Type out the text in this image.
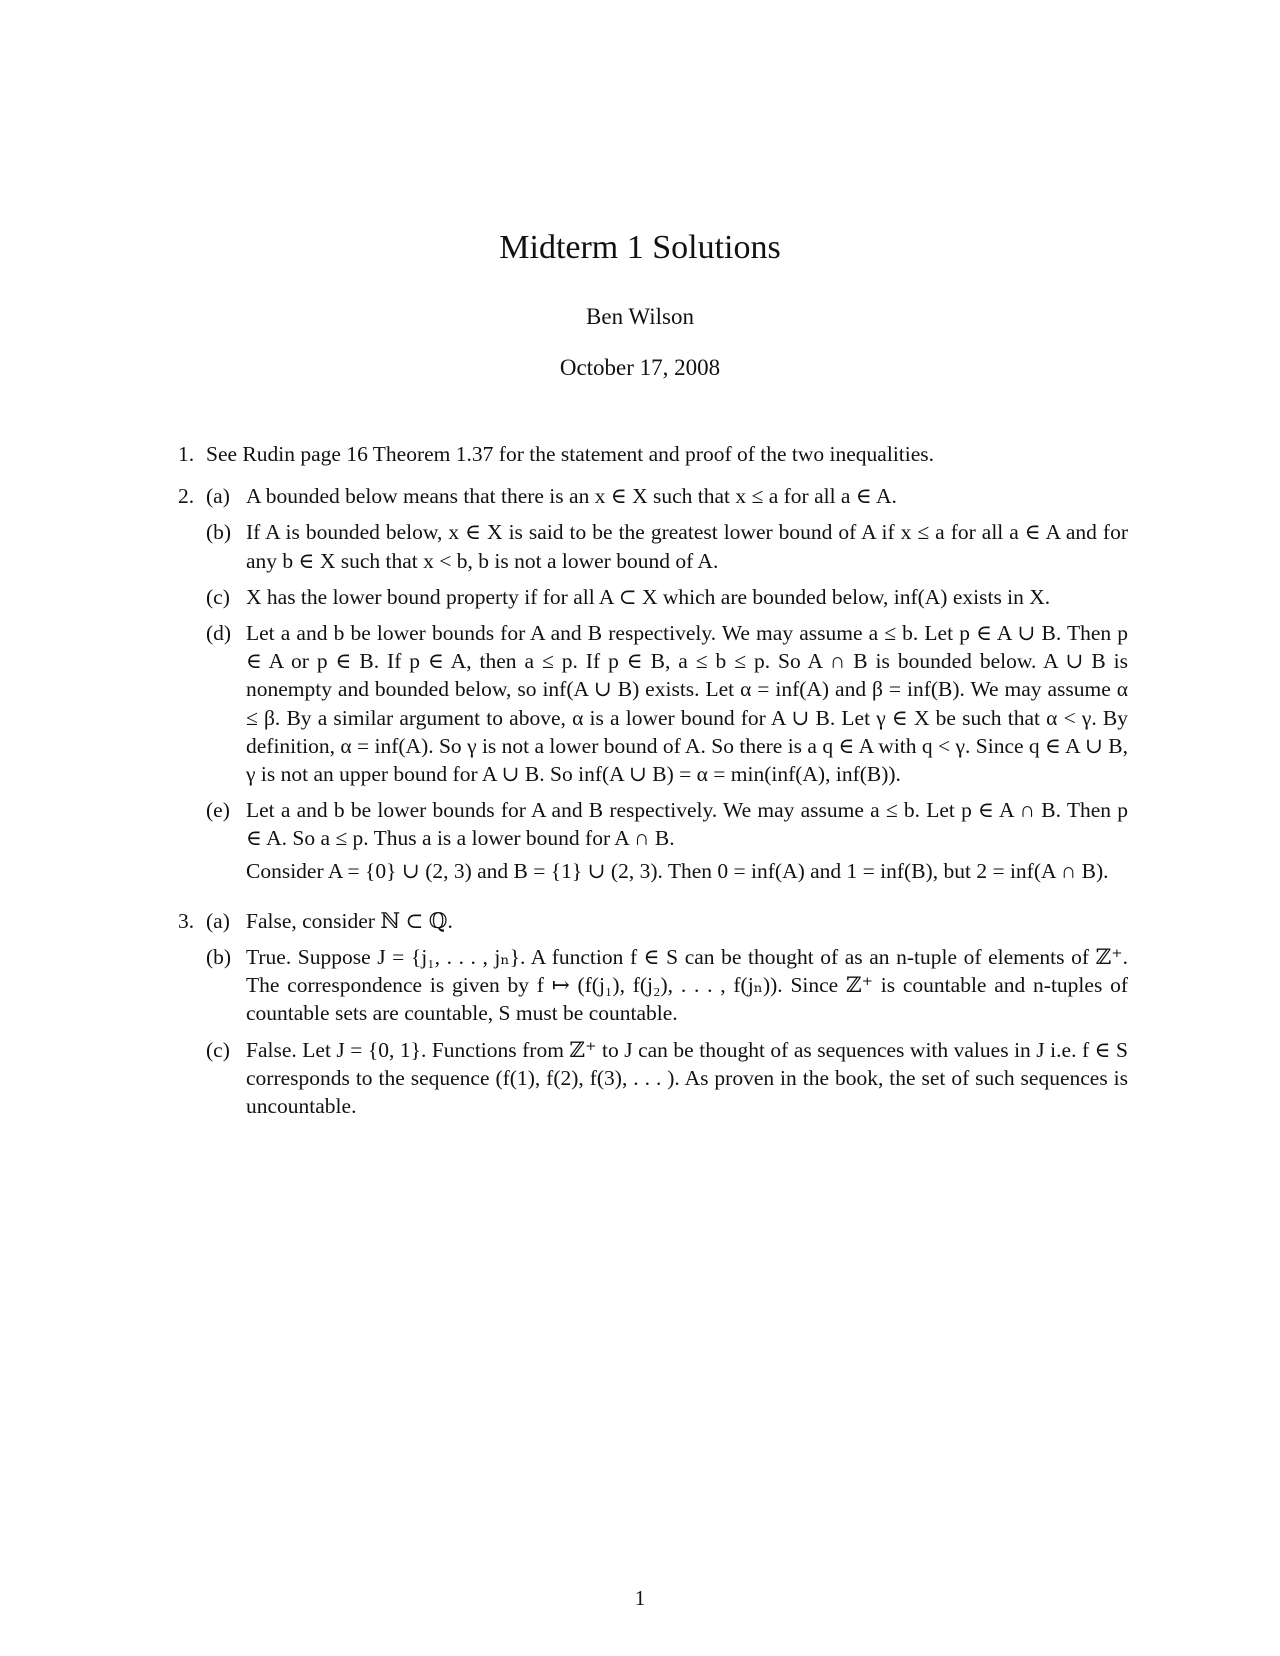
Midterm 1 Solutions
Ben Wilson
October 17, 2008
1. See Rudin page 16 Theorem 1.37 for the statement and proof of the two inequalities.
2. (a) A bounded below means that there is an x ∈ X such that x ≤ a for all a ∈ A.

(b) If A is bounded below, x ∈ X is said to be the greatest lower bound of A if x ≤ a for all a ∈ A and for any b ∈ X such that x < b, b is not a lower bound of A.

(c) X has the lower bound property if for all A ⊂ X which are bounded below, inf(A) exists in X.

(d) Let a and b be lower bounds for A and B respectively. We may assume a ≤ b. Let p ∈ A ∪ B. Then p ∈ A or p ∈ B. If p ∈ A, then a ≤ p. If p ∈ B, a ≤ b ≤ p. So A ∩ B is bounded below. A ∪ B is nonempty and bounded below, so inf(A ∪ B) exists. Let α = inf(A) and β = inf(B). We may assume α ≤ β. By a similar argument to above, α is a lower bound for A ∪ B. Let γ ∈ X be such that α < γ. By definition, α = inf(A). So γ is not a lower bound of A. So there is a q ∈ A with q < γ. Since q ∈ A ∪ B, γ is not an upper bound for A ∪ B. So inf(A ∪ B) = α = min(inf(A), inf(B)).

(e) Let a and b be lower bounds for A and B respectively. We may assume a ≤ b. Let p ∈ A ∩ B. Then p ∈ A. So a ≤ p. Thus a is a lower bound for A ∩ B.

Consider A = {0} ∪ (2, 3) and B = {1} ∪ (2, 3). Then 0 = inf(A) and 1 = inf(B), but 2 = inf(A ∩ B).

3. (a) False, consider ℕ ⊂ ℚ.

(b) True. Suppose J = {j₁, . . . , jₙ}. A function f ∈ S can be thought of as an n-tuple of elements of ℤ⁺. The correspondence is given by f ↦ (f(j₁), f(j₂), . . . , f(jₙ)). Since ℤ⁺ is countable and n-tuples of countable sets are countable, S must be countable.

(c) False. Let J = {0, 1}. Functions from ℤ⁺ to J can be thought of as sequences with values in J i.e. f ∈ S corresponds to the sequence (f(1), f(2), f(3), . . . ). As proven in the book, the set of such sequences is uncountable.

1
